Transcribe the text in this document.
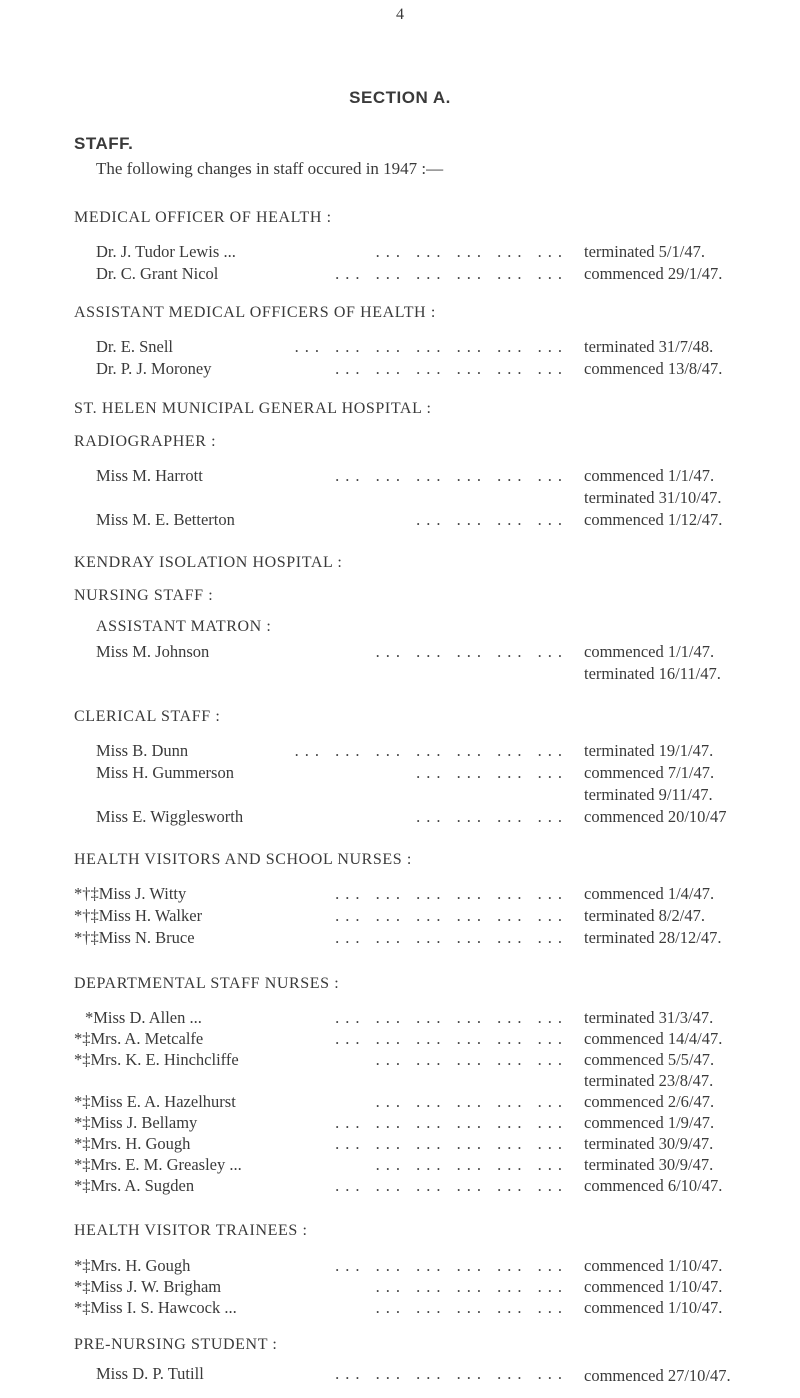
4
SECTION A.
STAFF.
The following changes in staff occured in 1947 :—
MEDICAL OFFICER OF HEALTH :
Dr. J. Tudor Lewis ...	... ... ... ... ... terminated 5/1/47.
Dr. C. Grant Nicol	... ... ... ... ... ... commenced 29/1/47.
ASSISTANT MEDICAL OFFICERS OF HEALTH :
Dr. E. Snell	... ... ... ... ... ... ... terminated 31/7/48.
Dr. P. J. Moroney	... ... ... ... ... ... commenced 13/8/47.
ST. HELEN MUNICIPAL GENERAL HOSPITAL :
RADIOGRAPHER :
Miss M. Harrott	... ... ... ... ... ... commenced 1/1/47.
terminated 31/10/47.
Miss M. E. Betterton	... ... ... ... commenced 1/12/47.
KENDRAY ISOLATION HOSPITAL :
NURSING STAFF :
ASSISTANT MATRON :
Miss M. Johnson	... ... ... ... ... commenced 1/1/47.
terminated 16/11/47.
CLERICAL STAFF :
Miss B. Dunn	... ... ... ... ... ... ... terminated 19/1/47.
Miss H. Gummerson	... ... ... ... commenced 7/1/47.
terminated 9/11/47.
Miss E. Wigglesworth	... ... ... ... commenced 20/10/47
HEALTH VISITORS AND SCHOOL NURSES :
*†‡Miss J. Witty	... ... ... ... ... ... commenced 1/4/47.
*†‡Miss H. Walker	... ... ... ... ... ... terminated 8/2/47.
*†‡Miss N. Bruce	... ... ... ... ... ... terminated 28/12/47.
DEPARTMENTAL STAFF NURSES :
*Miss D. Allen ...	... ... ... ... ... ... terminated 31/3/47.
*‡Mrs. A. Metcalfe	... ... ... ... ... ... commenced 14/4/47.
*‡Mrs. K. E. Hinchcliffe	... ... ... ... ... commenced 5/5/47.
terminated 23/8/47.
*‡Miss E. A. Hazelhurst	... ... ... ... ... commenced 2/6/47.
*‡Miss J. Bellamy	... ... ... ... ... ... commenced 1/9/47.
*‡Mrs. H. Gough	... ... ... ... ... ... terminated 30/9/47.
*‡Mrs. E. M. Greasley ...	... ... ... ... ... terminated 30/9/47.
*‡Mrs. A. Sugden	... ... ... ... ... ... commenced 6/10/47.
HEALTH VISITOR TRAINEES :
*‡Mrs. H. Gough	... ... ... ... ... ... commenced 1/10/47.
*‡Miss J. W. Brigham	... ... ... ... ... commenced 1/10/47.
*‡Miss I. S. Hawcock ...	... ... ... ... ... commenced 1/10/47.
PRE-NURSING STUDENT :
Miss D. P. Tutill	... ... ... ... ... ... commenced 27/10/47.
